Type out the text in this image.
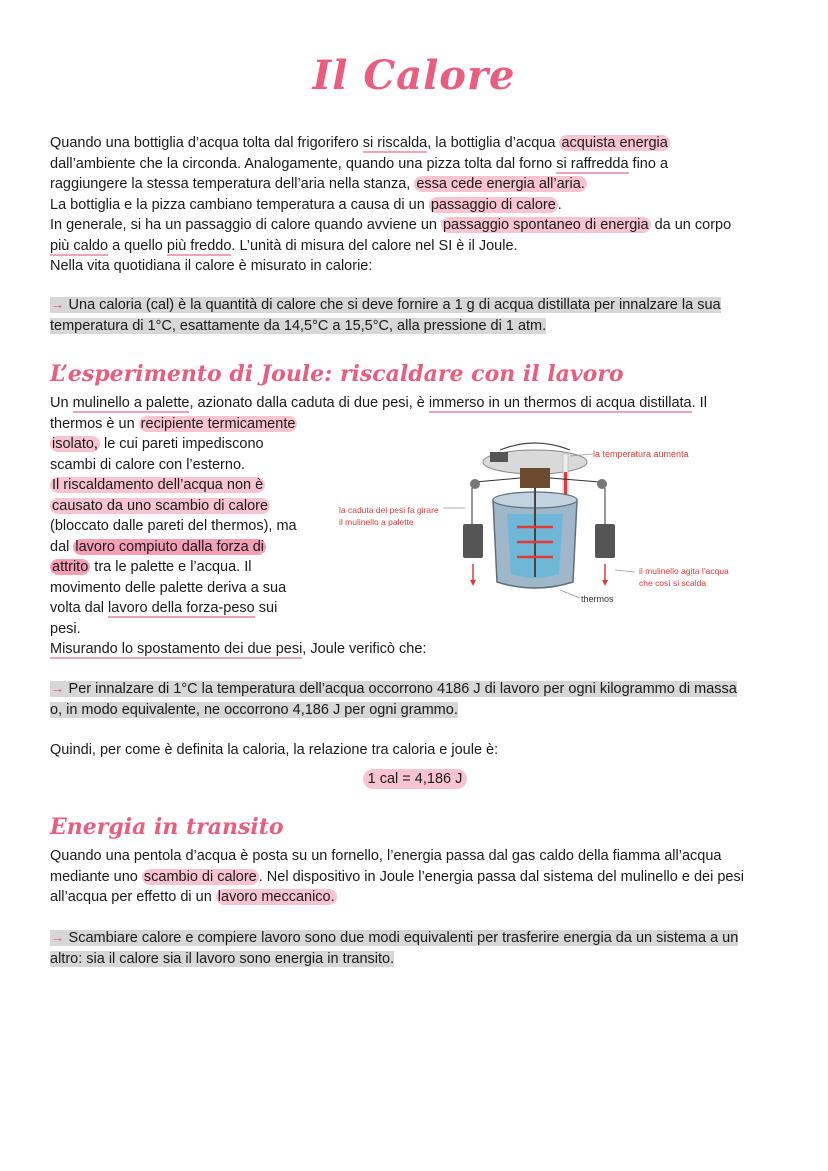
Il Calore
Quando una bottiglia d’acqua tolta dal frigorifero si riscalda, la bottiglia d’acqua acquista energia
dall’ambiente che la circonda. Analogamente, quando una pizza tolta dal forno si raffredda fino a
raggiungere la stessa temperatura dell’aria nella stanza, essa cede energia all’aria.
La bottiglia e la pizza cambiano temperatura a causa di un passaggio di calore .
In generale, si ha un passaggio di calore quando avviene un passaggio spontaneo di energia da un corpo
più caldo a quello più freddo. L’unità di misura del calore nel SI è il Joule.
Nella vita quotidiana il calore è misurato in calorie:
→ Una caloria (cal) è la quantità di calore che si deve fornire a 1 g di acqua distillata per innalzare la sua
temperatura di 1°C, esattamente da 14,5°C a 15,5°C, alla pressione di 1 atm.
L’esperimento di Joule: riscaldare con il lavoro
Un mulinello a palette, azionato dalla caduta di due pesi, è immerso in un thermos di acqua distillata. Il
thermos è un recipiente termicamente
isolato, le cui pareti impediscono
scambi di calore con l’esterno.
Il riscaldamento dell’acqua non è
causato da uno scambio di calore
(bloccato dalle pareti del thermos), ma
dal lavoro compiuto dalla forza di
attrito tra le palette e l’acqua. Il
movimento delle palette deriva a sua
volta dal lavoro della forza-peso sui
pesi.
Misurando lo spostamento dei due pesi, Joule verificò che:
la temperatura aumenta
la caduta dei pesi fa girare
il mulinello a palette
il mulinello agita l’acqua
che così si scalda
thermos
→ Per innalzare di 1°C la temperatura dell’acqua occorrono 4186 J di lavoro per ogni kilogrammo di massa
o, in modo equivalente, ne occorrono 4,186 J per ogni grammo.
Quindi, per come è definita la caloria, la relazione tra caloria e joule è:
1 cal = 4,186 J
Energia in transito
Quando una pentola d’acqua è posta su un fornello, l’energia passa dal gas caldo della fiamma all’acqua
mediante uno scambio di calore . Nel dispositivo in Joule l’energia passa dal sistema del mulinello e dei pesi
all’acqua per effetto di un lavoro meccanico.
→ Scambiare calore e compiere lavoro sono due modi equivalenti per trasferire energia da un sistema a un
altro: sia il calore sia il lavoro sono energia in transito.
